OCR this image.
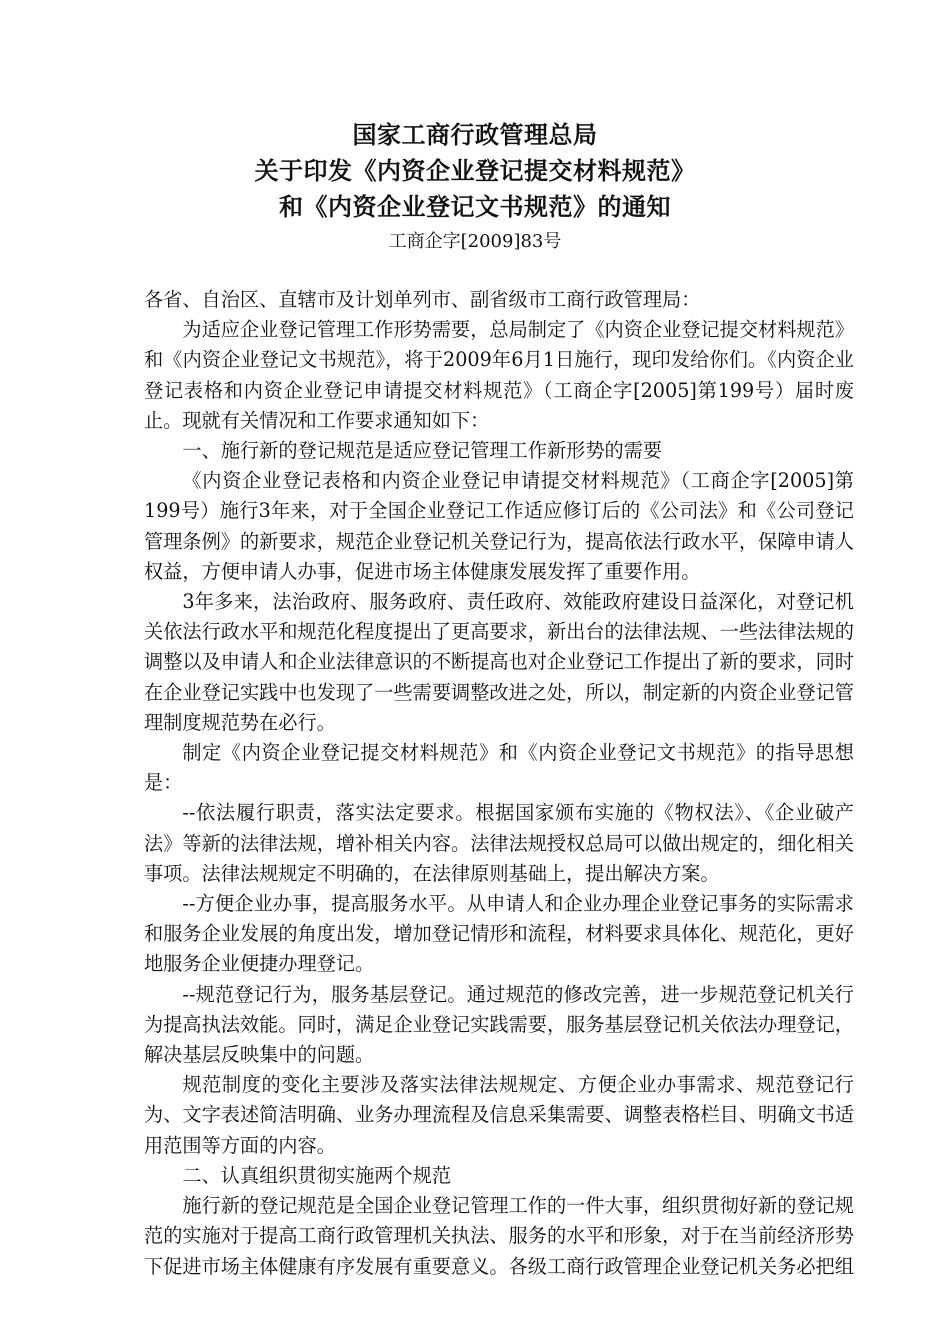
国家工商行政管理总局
关于印发《内资企业登记提交材料规范》
和《内资企业登记文书规范》的通知
工商企字[2009]83号

各省、自治区、直辖市及计划单列市、副省级市工商行政管理局：

为适应企业登记管理工作形势需要，总局制定了《内资企业登记提交材料规范》和《内资企业登记文书规范》，将于2009年6月1日施行，现印发给你们。《内资企业登记表格和内资企业登记申请提交材料规范》（工商企字[2005]第199号）届时废止。现就有关情况和工作要求通知如下：

一、施行新的登记规范是适应登记管理工作新形势的需要

《内资企业登记表格和内资企业登记申请提交材料规范》（工商企字[2005]第199号）施行3年来，对于全国企业登记工作适应修订后的《公司法》和《公司登记管理条例》的新要求，规范企业登记机关登记行为，提高依法行政水平，保障申请人权益，方便申请人办事，促进市场主体健康发展发挥了重要作用。

3年多来，法治政府、服务政府、责任政府、效能政府建设日益深化，对登记机关依法行政水平和规范化程度提出了更高要求，新出台的法律法规、一些法律法规的调整以及申请人和企业法律意识的不断提高也对企业登记工作提出了新的要求，同时在企业登记实践中也发现了一些需要调整改进之处，所以，制定新的内资企业登记管理制度规范势在必行。

制定《内资企业登记提交材料规范》和《内资企业登记文书规范》的指导思想是：

--依法履行职责，落实法定要求。根据国家颁布实施的《物权法》、《企业破产法》等新的法律法规，增补相关内容。法律法规授权总局可以做出规定的，细化相关事项。法律法规规定不明确的，在法律原则基础上，提出解决方案。

--方便企业办事，提高服务水平。从申请人和企业办理企业登记事务的实际需求和服务企业发展的角度出发，增加登记情形和流程，材料要求具体化、规范化，更好地服务企业便捷办理登记。

--规范登记行为，服务基层登记。通过规范的修改完善，进一步规范登记机关行为提高执法效能。同时，满足企业登记实践需要，服务基层登记机关依法办理登记，解决基层反映集中的问题。

规范制度的变化主要涉及落实法律法规规定、方便企业办事需求、规范登记行为、文字表述简洁明确、业务办理流程及信息采集需要、调整表格栏目、明确文书适用范围等方面的内容。

二、认真组织贯彻实施两个规范

施行新的登记规范是全国企业登记管理工作的一件大事，组织贯彻好新的登记规范的实施对于提高工商行政管理机关执法、服务的水平和形象，对于在当前经济形势下促进市场主体健康有序发展有重要意义。各级工商行政管理企业登记机关务必把组
